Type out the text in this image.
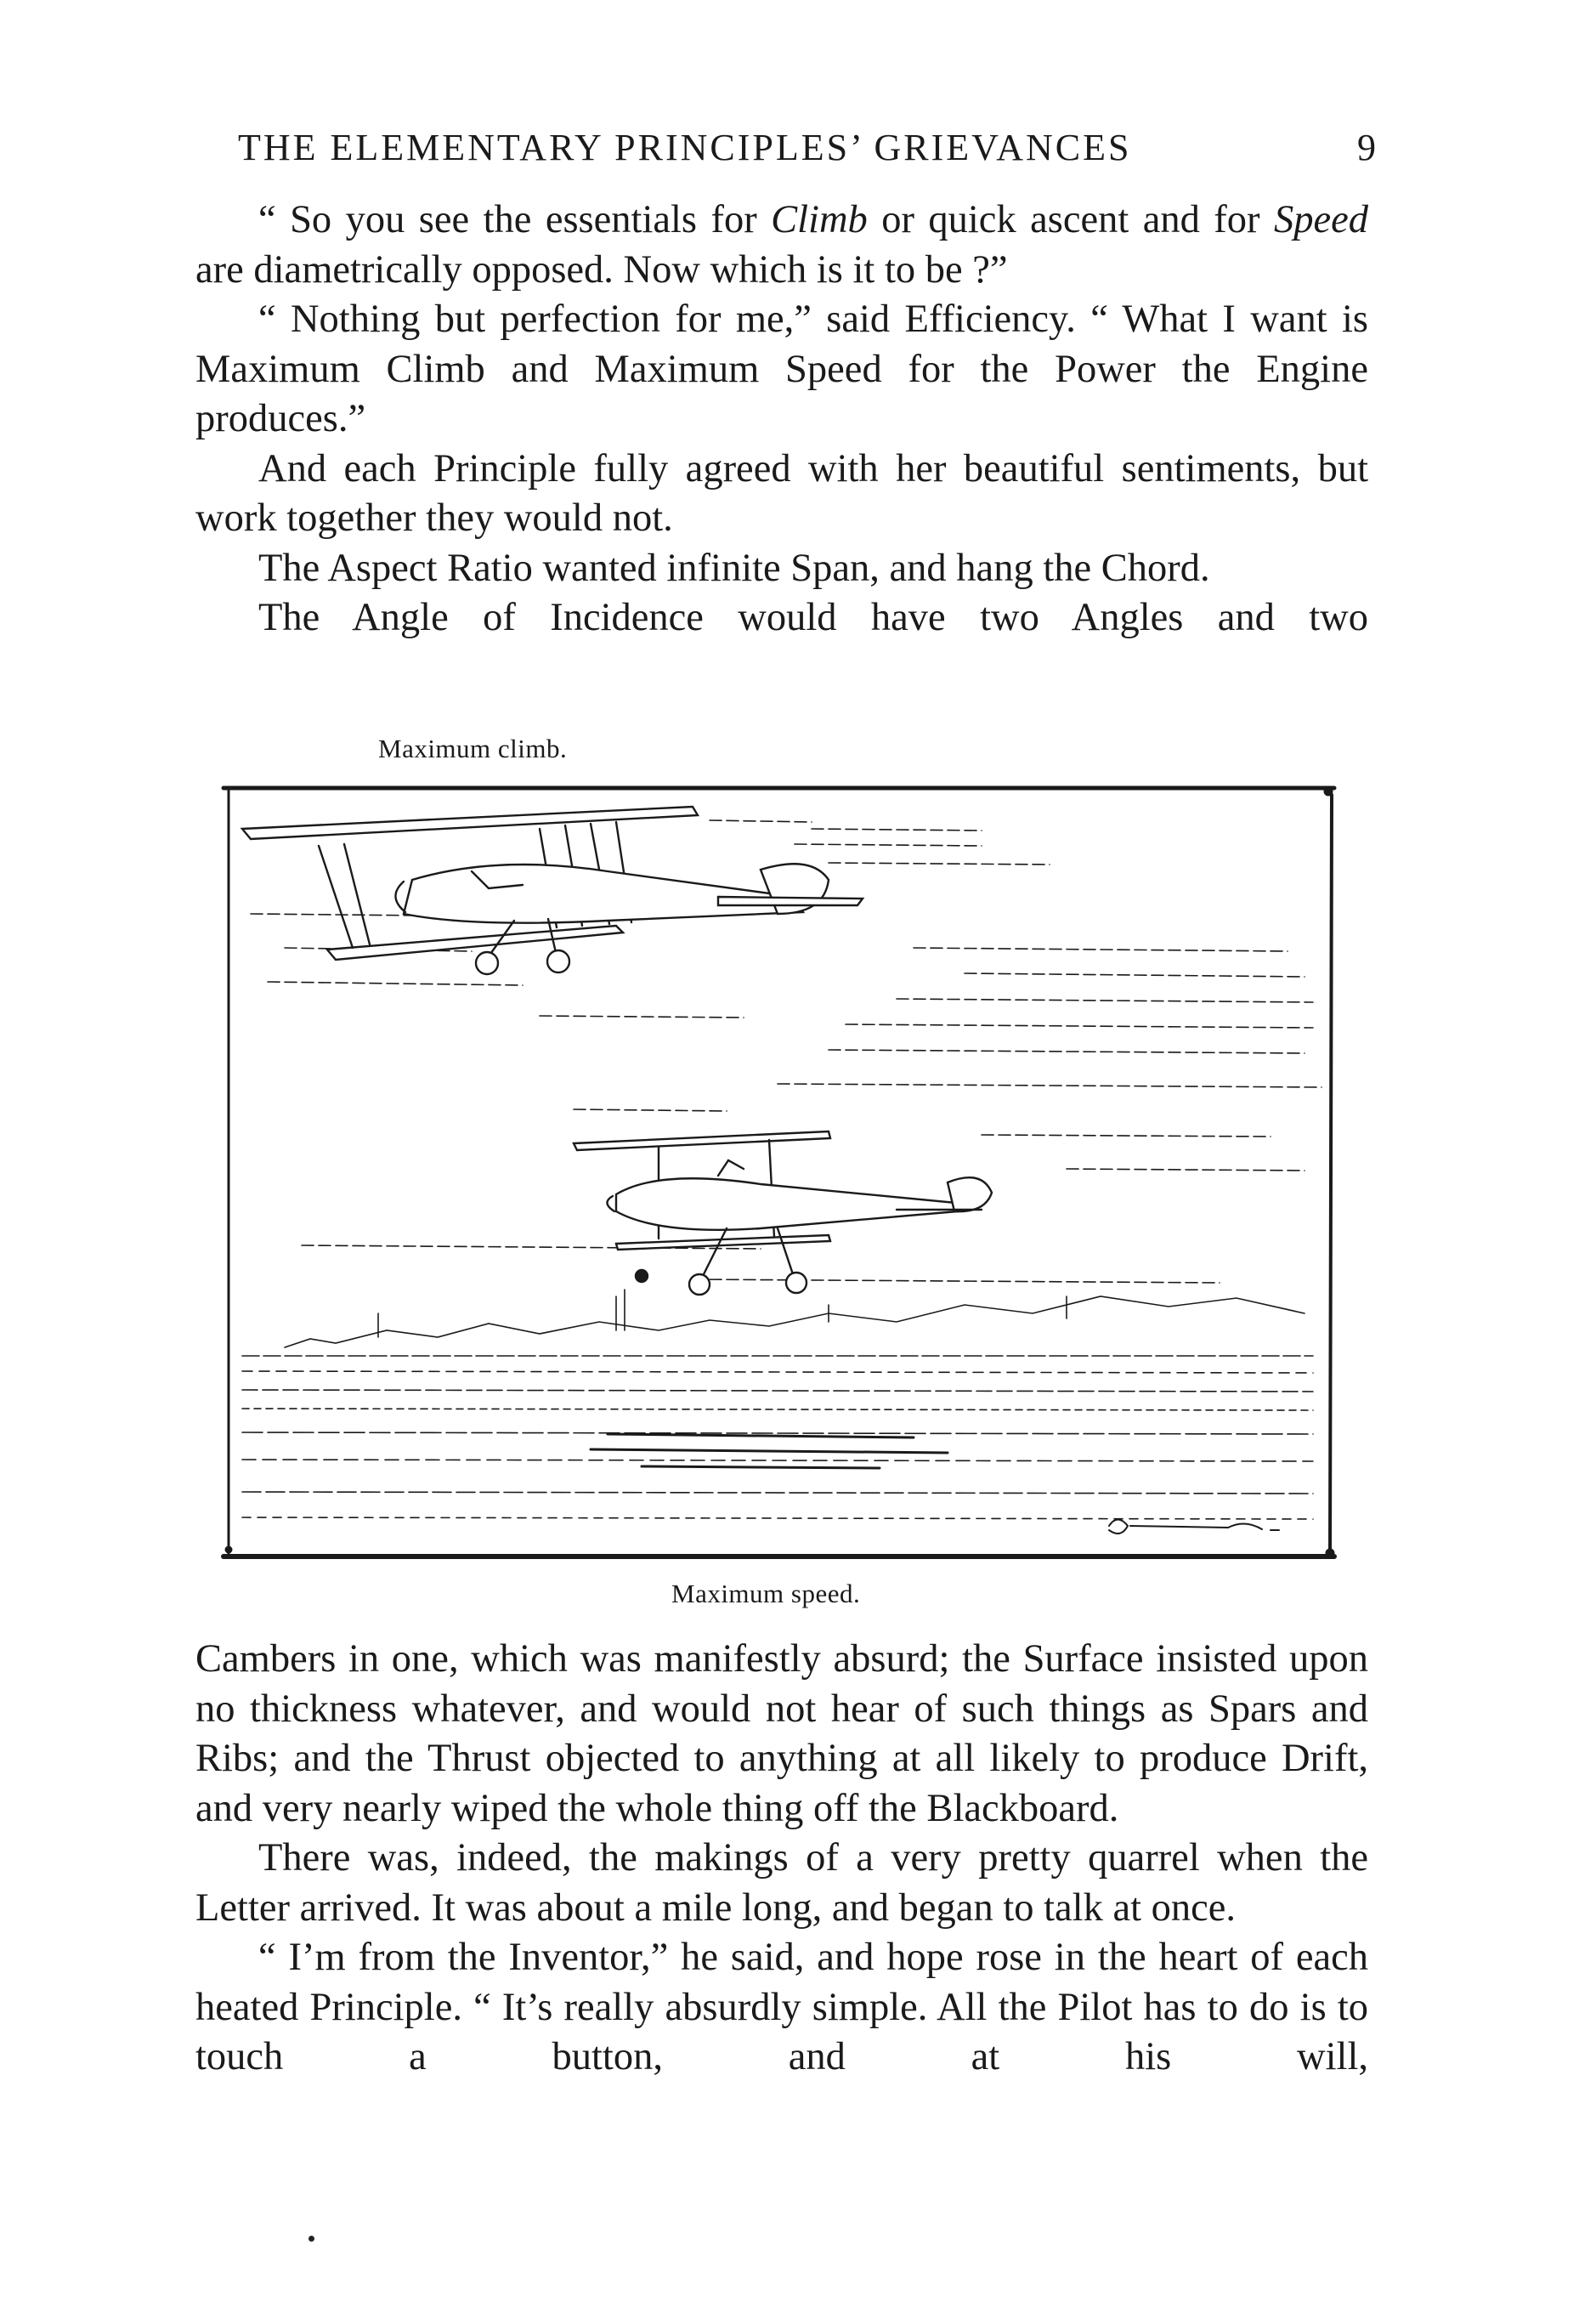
THE ELEMENTARY PRINCIPLES’ GRIEVANCES	9

“ So you see the essentials for Climb or quick ascent and for Speed are diametrically opposed. Now which is it to be ?”

“ Nothing but perfection for me,” said Efficiency. “ What I want is Maximum Climb and Maximum Speed for the Power the Engine produces.”

And each Principle fully agreed with her beautiful sentiments, but work together they would not.

The Aspect Ratio wanted infinite Span, and hang the Chord.

The Angle of Incidence would have two Angles and two

Maximum climb.
Maximum speed.

Cambers in one, which was manifestly absurd; the Surface insisted upon no thickness whatever, and would not hear of such things as Spars and Ribs; and the Thrust objected to anything at all likely to produce Drift, and very nearly wiped the whole thing off the Blackboard.

There was, indeed, the makings of a very pretty quarrel when the Letter arrived. It was about a mile long, and began to talk at once.

“ I’m from the Inventor,” he said, and hope rose in the heart of each heated Principle. “ It’s really absurdly simple. All the Pilot has to do is to touch a button, and at his will,
